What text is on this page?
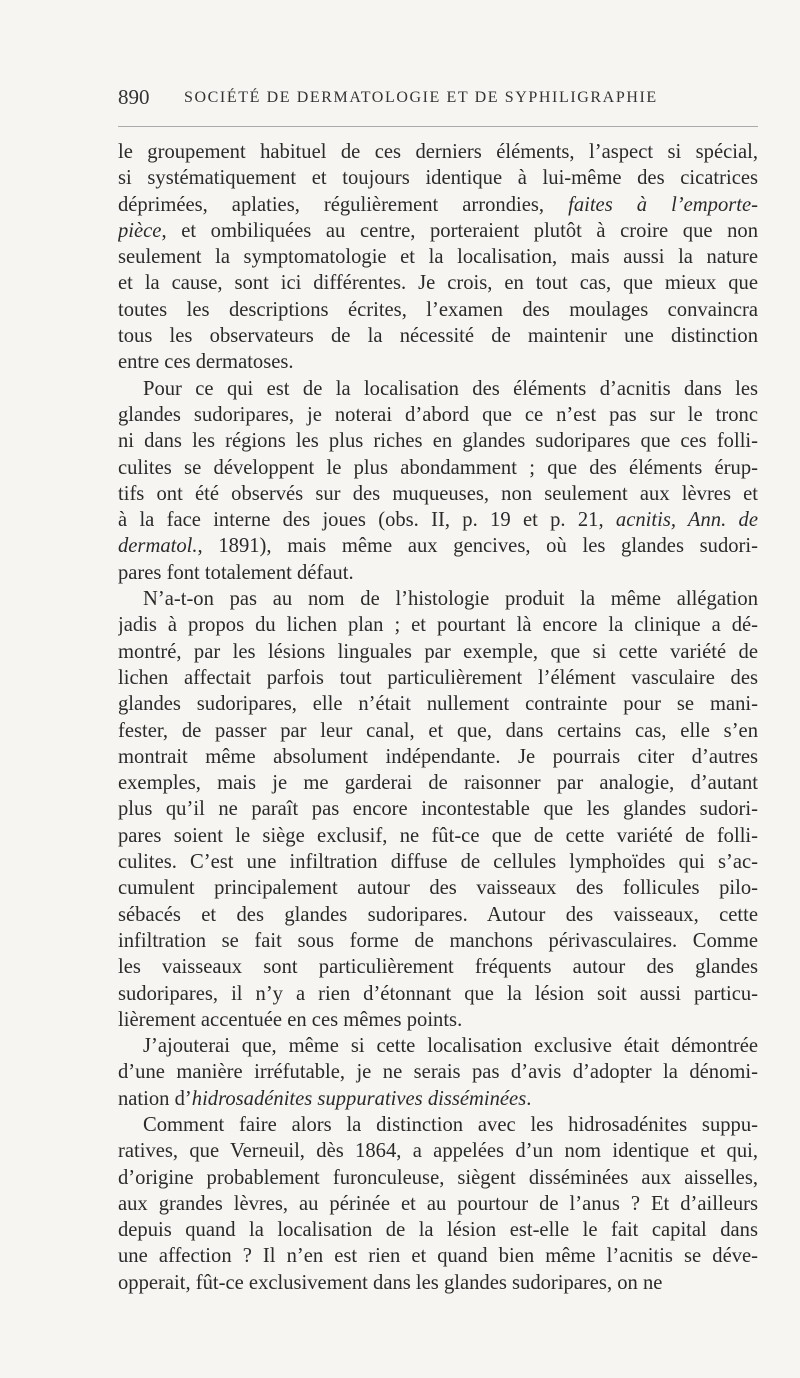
890 SOCIÉTÉ DE DERMATOLOGIE ET DE SYPHILIGRAPHIE
le groupement habituel de ces derniers éléments, l’aspect si spécial,
si systématiquement et toujours identique à lui-même des cicatrices
déprimées, aplaties, régulièrement arrondies, faites à l’emporte-
pièce, et ombiliquées au centre, porteraient plutôt à croire que non
seulement la symptomatologie et la localisation, mais aussi la nature
et la cause, sont ici différentes. Je crois, en tout cas, que mieux que
toutes les descriptions écrites, l’examen des moulages convaincra
tous les observateurs de la nécessité de maintenir une distinction
entre ces dermatoses.
Pour ce qui est de la localisation des éléments d’acnitis dans les
glandes sudoripares, je noterai d’abord que ce n’est pas sur le tronc
ni dans les régions les plus riches en glandes sudoripares que ces folli-
culites se développent le plus abondamment ; que des éléments érup-
tifs ont été observés sur des muqueuses, non seulement aux lèvres et
à la face interne des joues (obs. II, p. 19 et p. 21, acnitis, Ann. de
dermatol., 1891), mais même aux gencives, où les glandes sudori-
pares font totalement défaut.
N’a-t-on pas au nom de l’histologie produit la même allégation
jadis à propos du lichen plan ; et pourtant là encore la clinique a dé-
montré, par les lésions linguales par exemple, que si cette variété de
lichen affectait parfois tout particulièrement l’élément vasculaire des
glandes sudoripares, elle n’était nullement contrainte pour se mani-
fester, de passer par leur canal, et que, dans certains cas, elle s’en
montrait même absolument indépendante. Je pourrais citer d’autres
exemples, mais je me garderai de raisonner par analogie, d’autant
plus qu’il ne paraît pas encore incontestable que les glandes sudori-
pares soient le siège exclusif, ne fût-ce que de cette variété de folli-
culites. C’est une infiltration diffuse de cellules lymphoïdes qui s’ac-
cumulent principalement autour des vaisseaux des follicules pilo-
sébacés et des glandes sudoripares. Autour des vaisseaux, cette
infiltration se fait sous forme de manchons périvasculaires. Comme
les vaisseaux sont particulièrement fréquents autour des glandes
sudoripares, il n’y a rien d’étonnant que la lésion soit aussi particu-
lièrement accentuée en ces mêmes points.
J’ajouterai que, même si cette localisation exclusive était démontrée
d’une manière irréfutable, je ne serais pas d’avis d’adopter la dénomi-
nation d’hidrosadénites suppuratives disséminées.
Comment faire alors la distinction avec les hidrosadénites suppu-
ratives, que Verneuil, dès 1864, a appelées d’un nom identique et qui,
d’origine probablement furonculeuse, siègent disséminées aux aisselles,
aux grandes lèvres, au périnée et au pourtour de l’anus ? Et d’ailleurs
depuis quand la localisation de la lésion est-elle le fait capital dans
une affection ? Il n’en est rien et quand bien même l’acnitis se déve-
opperait, fût-ce exclusivement dans les glandes sudoripares, on ne
